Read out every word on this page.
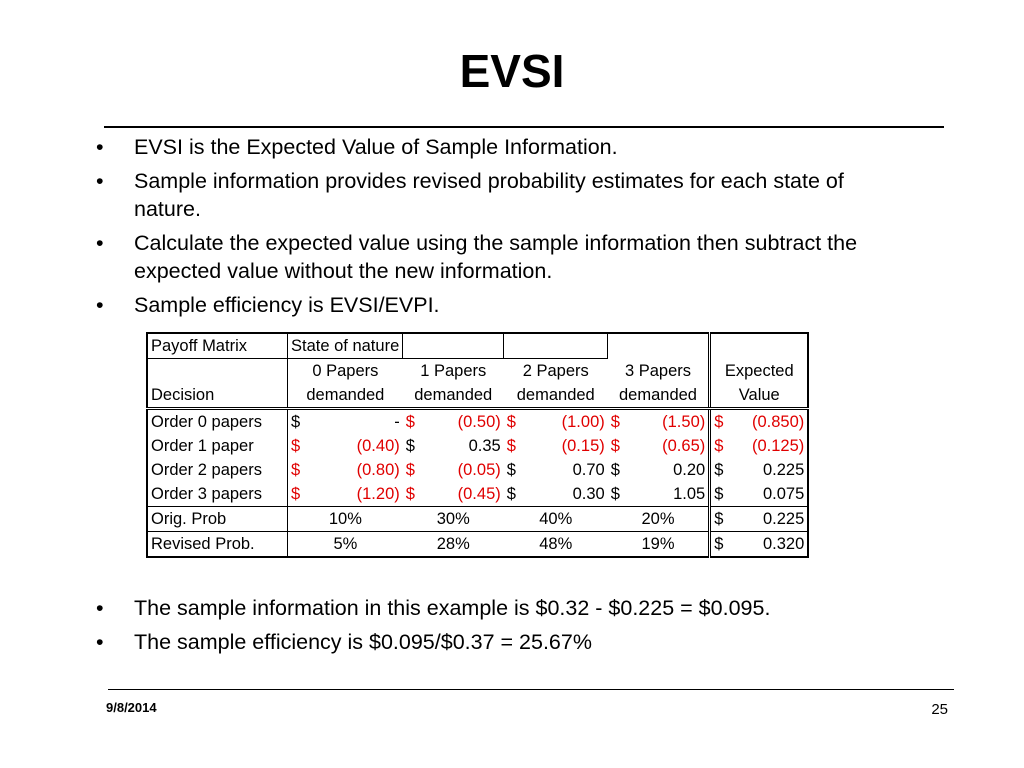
EVSI
• EVSI is the Expected Value of Sample Information.
• Sample information provides revised probability estimates for each state of nature.
• Calculate the expected value using the sample information then subtract the expected value without the new information.
• Sample efficiency is EVSI/EVPI.
Payoff Matrix	State of nature				
	0 Papers	1 Papers	2 Papers	3 Papers	Expected
Decision	demanded	demanded	demanded	demanded	Value
Order 0 papers	$ -	$ (0.50)	$ (1.00)	$ (1.50)	$ (0.850)

Order 1 paper	$ (0.40)	$ 0.35	$ (0.15)	$ (0.65)	$ (0.125)

Order 2 papers	$ (0.80)	$ (0.05)	$ 0.70	$ 0.20	$ 0.225

Order 3 papers	$ (1.20)	$ (0.45)	$ 0.30	$ 1.05	$ 0.075

Orig. Prob	10%	30%	40%	20%	$ 0.225

Revised Prob.	5%	28%	48%	19%	$ 0.320
• The sample information in this example is $0.32 - $0.225 = $0.095.
• The sample efficiency is $0.095/$0.37 = 25.67%
9/8/2014	25
